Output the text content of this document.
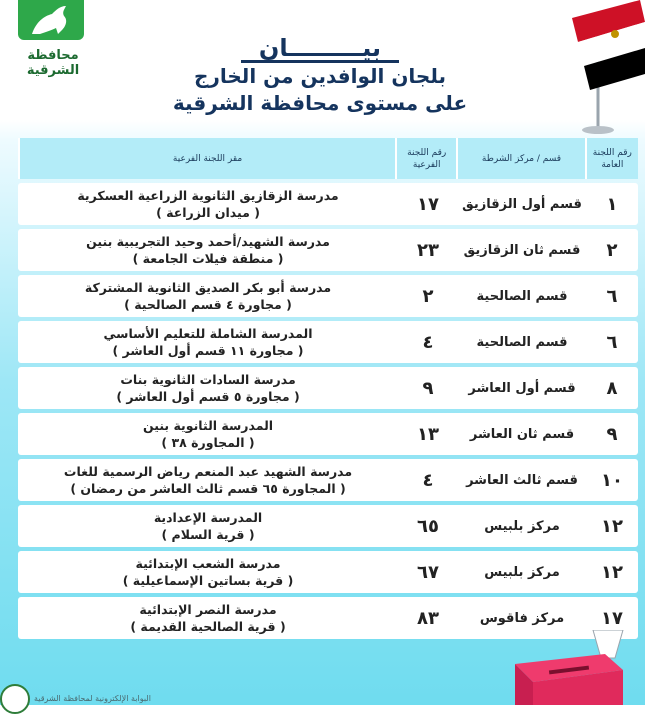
محافظة الشرقية
بيـــــــــان
بلجان الوافدين من الخارج
على مستوى محافظة الشرقية
رقم اللجنة العامة
قسم / مركز الشرطة
رقم اللجنة الفرعية
مقر اللجنة الفرعية
١
قسم أول الزقازيق
١٧
مدرسة الزقازيق الثانوية الزراعية العسكرية
( ميدان الزراعة )
٢
قسم ثان الزقازيق
٢٣
مدرسة الشهيد/أحمد وحيد التجريبية بنين
( منطقة فيلات الجامعة )
٦
قسم الصالحية
٢
مدرسة أبو بكر الصديق الثانوية المشتركة
( مجاورة ٤ قسم الصالحية )
٦
قسم الصالحية
٤
المدرسة الشاملة للتعليم الأساسي
( مجاورة ١١ قسم أول العاشر )
٨
قسم أول العاشر
٩
مدرسة السادات الثانوية بنات
( مجاورة ٥ قسم أول العاشر )
٩
قسم ثان العاشر
١٣
المدرسة الثانوية بنين
( المجاورة ٣٨ )
١٠
قسم ثالث العاشر
٤
مدرسة الشهيد عبد المنعم رياض الرسمية للغات
( المجاورة ٦٥ قسم ثالث العاشر من رمضان )
١٢
مركز بلبيس
٦٥
المدرسة الإعدادية
( قرية السلام )
١٢
مركز بلبيس
٦٧
مدرسة الشعب الإبتدائية
( قرية بساتين الإسماعيلية )
١٧
مركز فاقوس
٨٣
مدرسة النصر الإبتدائية
( قرية الصالحية القديمة )
البوابة الإلكترونية لمحافظة الشرقية
